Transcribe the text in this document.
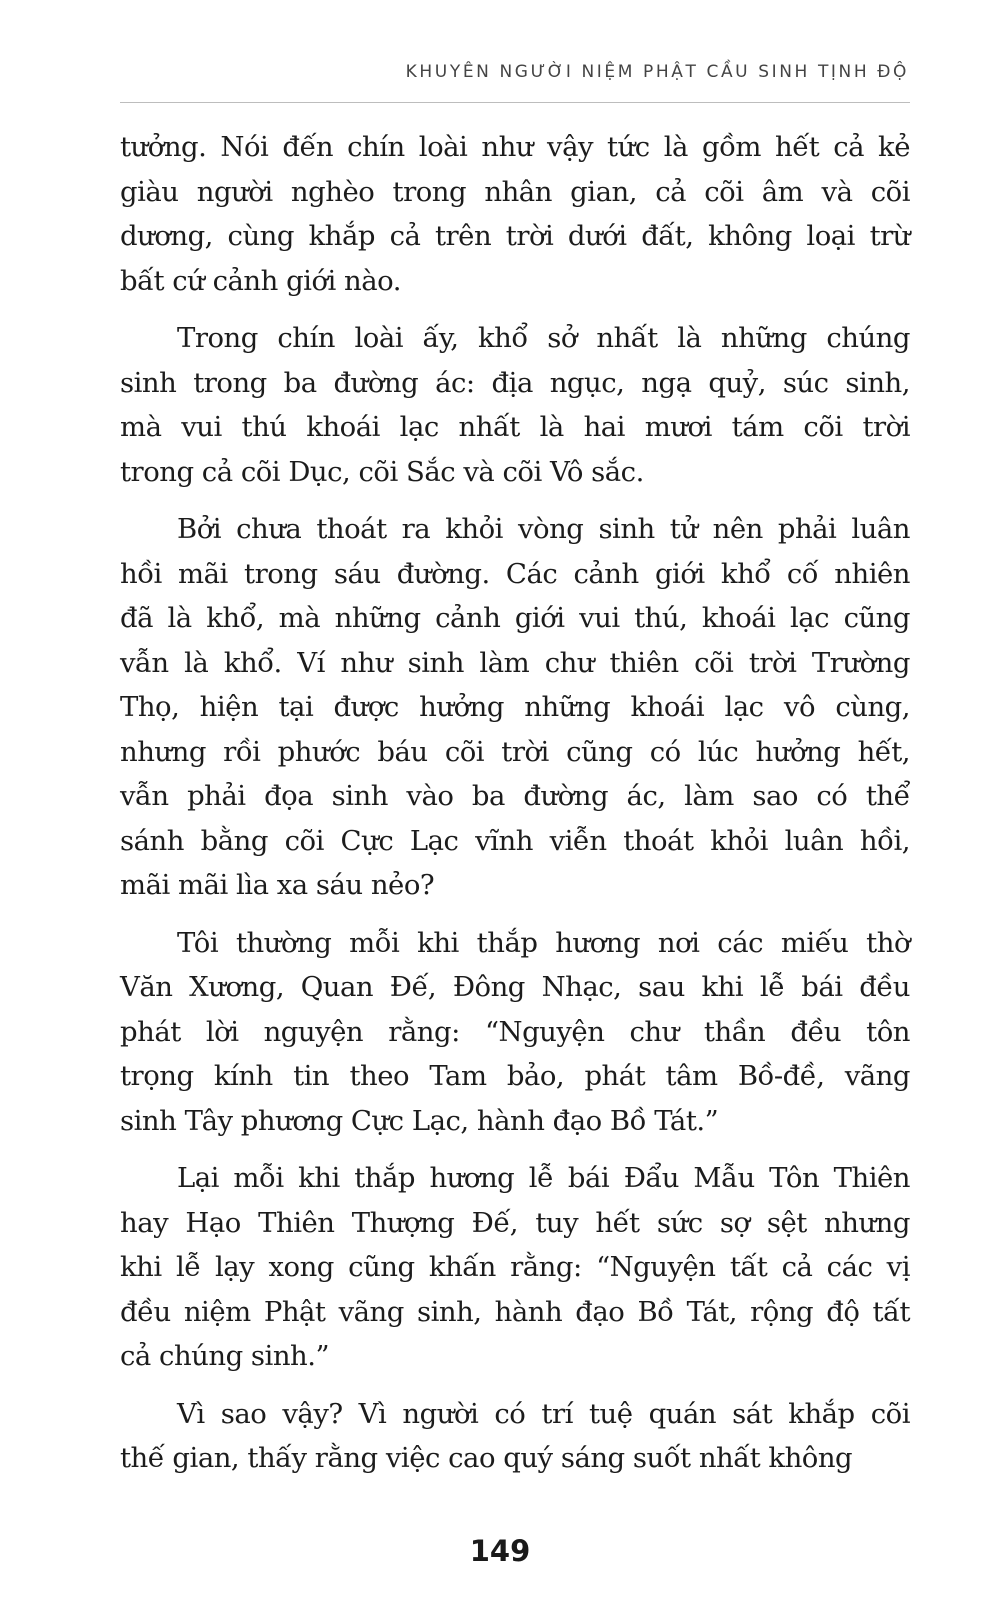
KHUYÊN NGƯỜI NIỆM PHẬT CẦU SINH TỊNH ĐỘ
tưởng. Nói đến chín loài như vậy tức là gồm hết cả kẻ
giàu người nghèo trong nhân gian, cả cõi âm và cõi
dương, cùng khắp cả trên trời dưới đất, không loại trừ
bất cứ cảnh giới nào.
Trong chín loài ấy, khổ sở nhất là những chúng
sinh trong ba đường ác: địa ngục, ngạ quỷ, súc sinh,
mà vui thú khoái lạc nhất là hai mươi tám cõi trời
trong cả cõi Dục, cõi Sắc và cõi Vô sắc.
Bởi chưa thoát ra khỏi vòng sinh tử nên phải luân
hồi mãi trong sáu đường. Các cảnh giới khổ cố nhiên
đã là khổ, mà những cảnh giới vui thú, khoái lạc cũng
vẫn là khổ. Ví như sinh làm chư thiên cõi trời Trường
Thọ, hiện tại được hưởng những khoái lạc vô cùng,
nhưng rồi phước báu cõi trời cũng có lúc hưởng hết,
vẫn phải đọa sinh vào ba đường ác, làm sao có thể
sánh bằng cõi Cực Lạc vĩnh viễn thoát khỏi luân hồi,
mãi mãi lìa xa sáu nẻo?
Tôi thường mỗi khi thắp hương nơi các miếu thờ
Văn Xương, Quan Đế, Đông Nhạc, sau khi lễ bái đều
phát lời nguyện rằng: “Nguyện chư thần đều tôn
trọng kính tin theo Tam bảo, phát tâm Bồ-đề, vãng
sinh Tây phương Cực Lạc, hành đạo Bồ Tát.”
Lại mỗi khi thắp hương lễ bái Đẩu Mẫu Tôn Thiên
hay Hạo Thiên Thượng Đế, tuy hết sức sợ sệt nhưng
khi lễ lạy xong cũng khấn rằng: “Nguyện tất cả các vị
đều niệm Phật vãng sinh, hành đạo Bồ Tát, rộng độ tất
cả chúng sinh.”
Vì sao vậy? Vì người có trí tuệ quán sát khắp cõi
thế gian, thấy rằng việc cao quý sáng suốt nhất không
149
